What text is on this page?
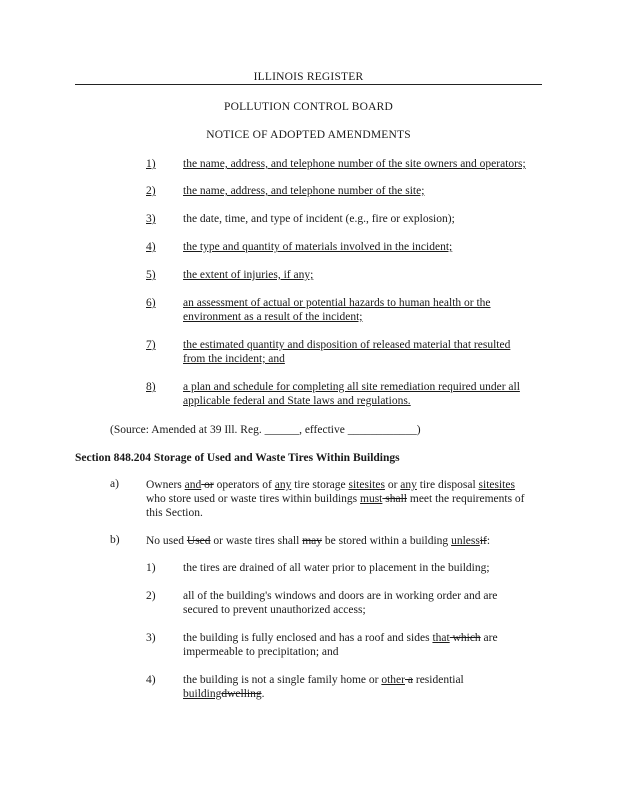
ILLINOIS REGISTER
POLLUTION CONTROL BOARD
NOTICE OF ADOPTED AMENDMENTS
1) the name, address, and telephone number of the site owners and operators;
2) the name, address, and telephone number of the site;
3) the date, time, and type of incident (e.g., fire or explosion);
4) the type and quantity of materials involved in the incident;
5) the extent of injuries, if any;
6) an assessment of actual or potential hazards to human health or the
environment as a result of the incident;
7) the estimated quantity and disposition of released material that resulted
from the incident; and
8) a plan and schedule for completing all site remediation required under all
applicable federal and State laws and regulations.
(Source: Amended at 39 Ill. Reg. ______, effective ____________)
Section 848.204 Storage of Used and Waste Tires Within Buildings
a) Owners and or operators of any tire storage sitesites or any tire disposal sitesites
who store used or waste tires within buildings must shall meet the requirements of
this Section.
b) No used Used or waste tires shall may be stored within a building unlessif:
1) the tires are drained of all water prior to placement in the building;
2) all of the building's windows and doors are in working order and are
secured to prevent unauthorized access;
3) the building is fully enclosed and has a roof and sides that which are
impermeable to precipitation; and
4) the building is not a single family home or other a residential
buildingdwelling.
